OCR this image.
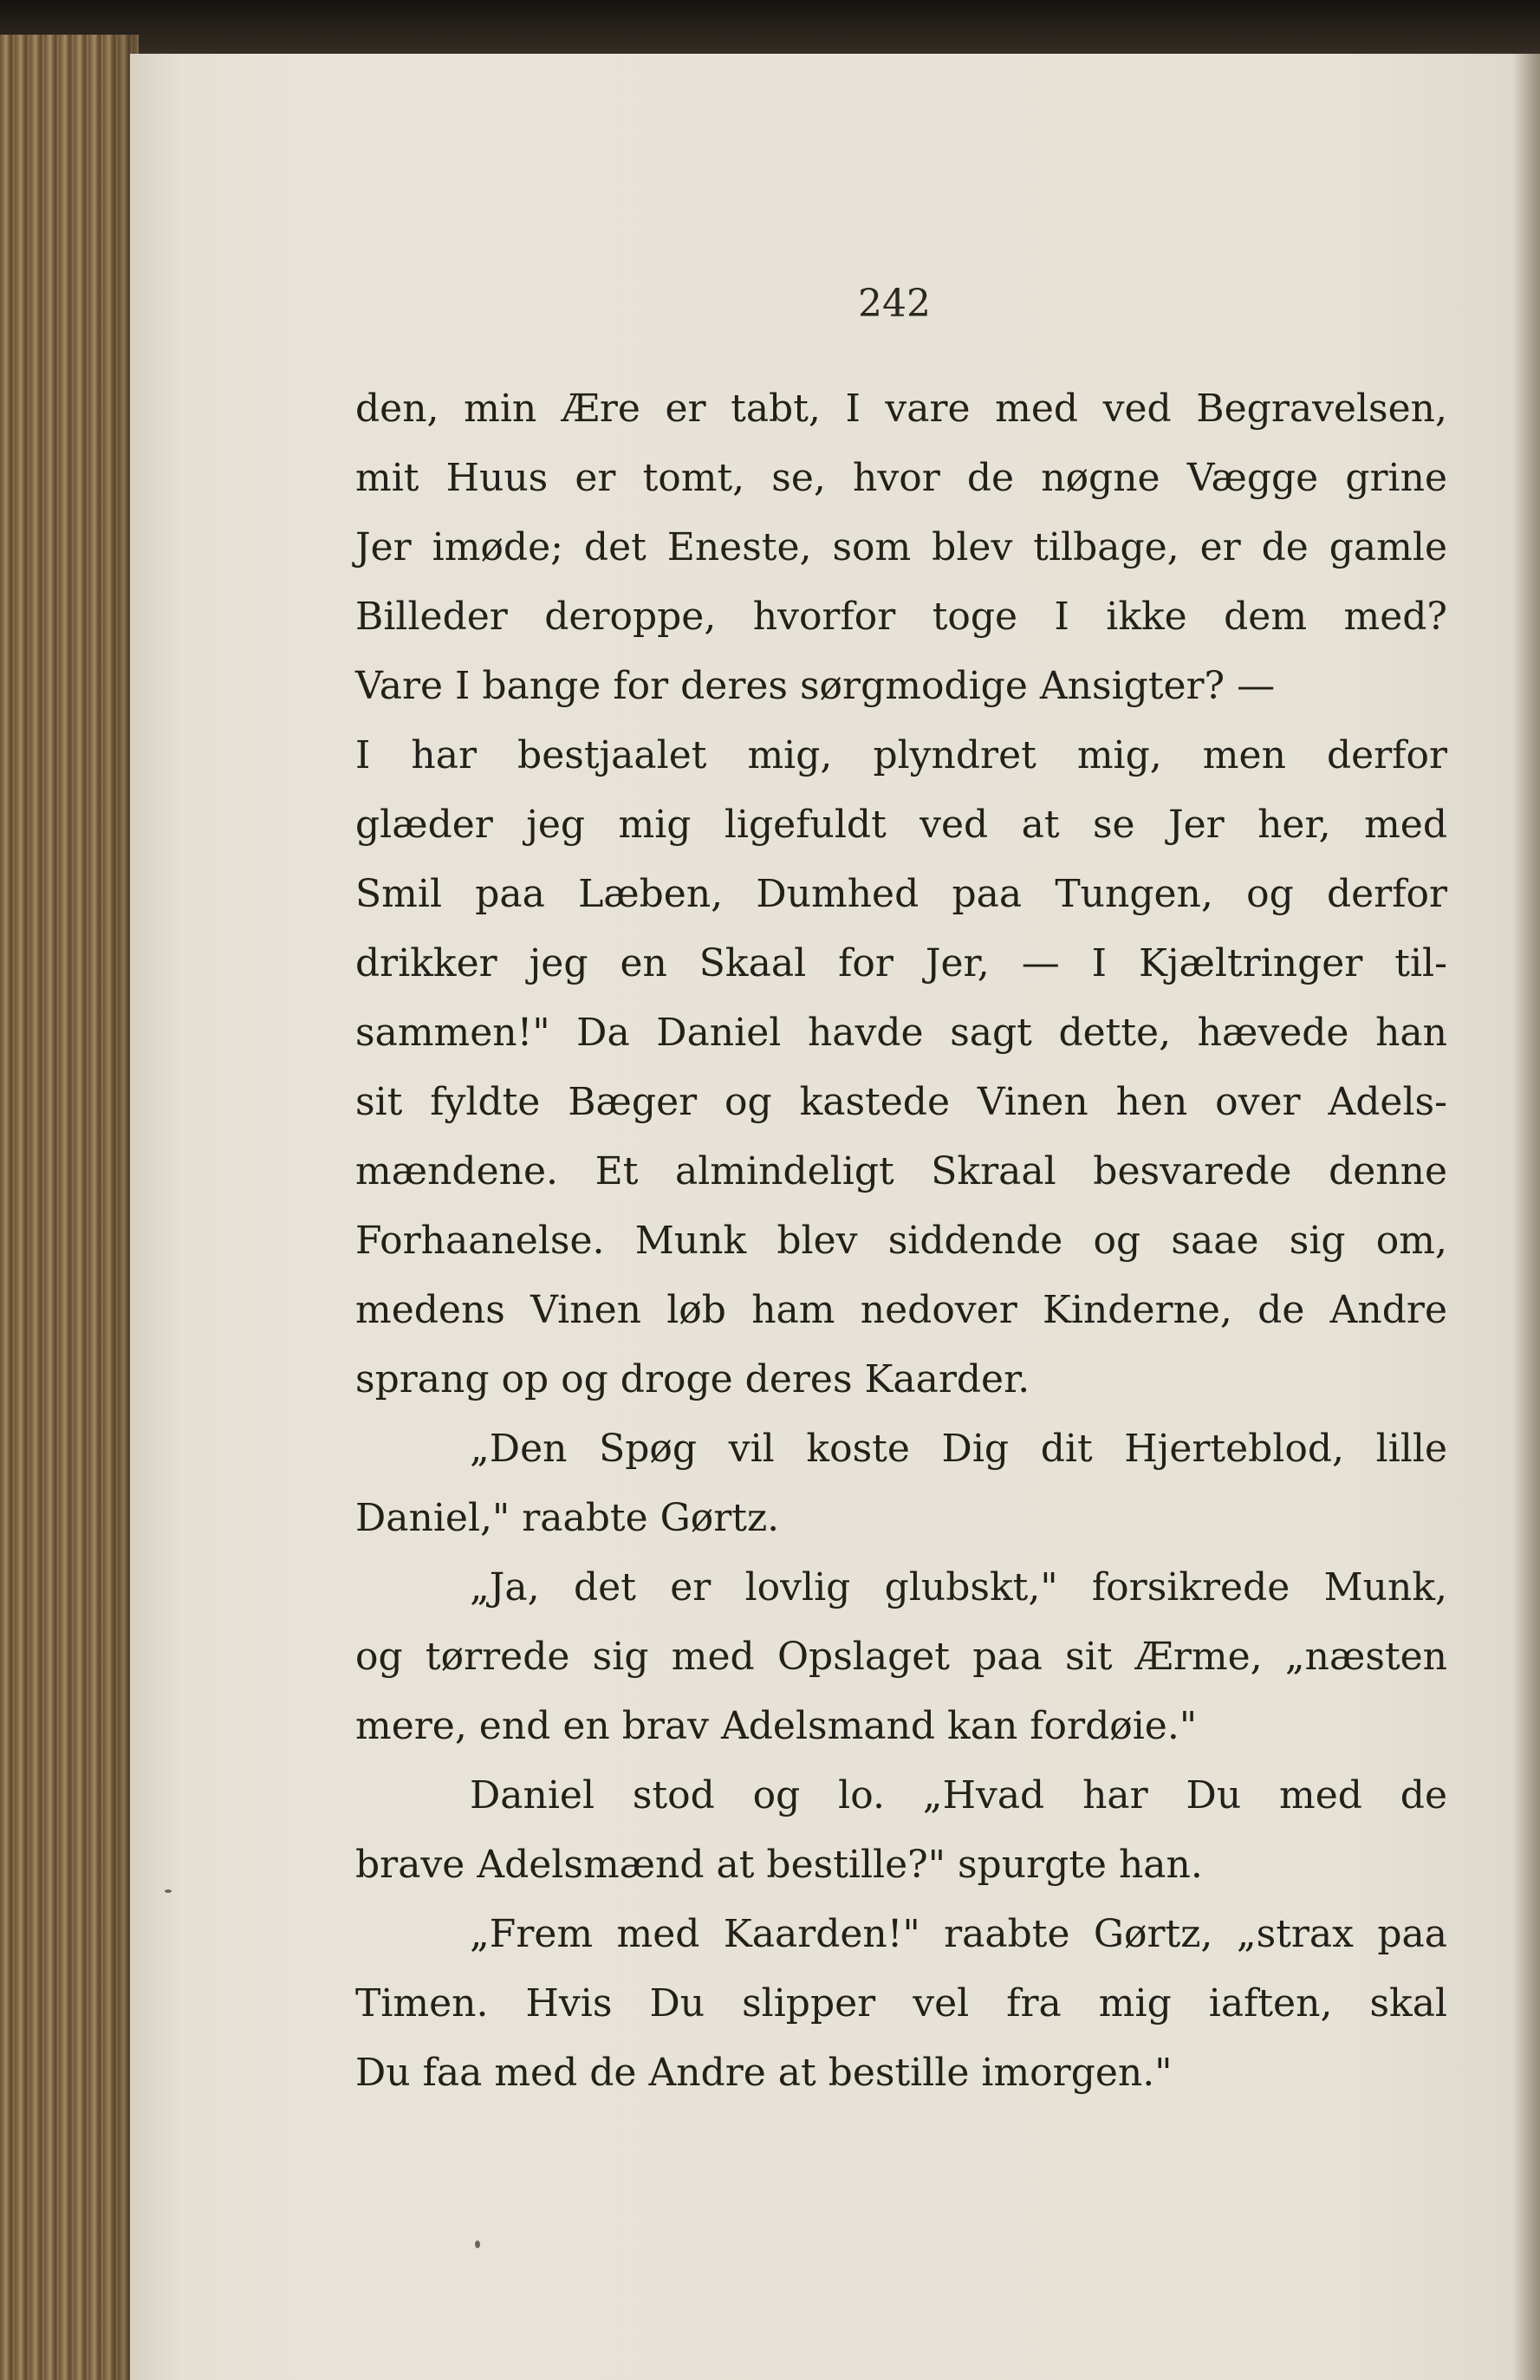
242
den, min Ære er tabt, I vare med ved Begravelsen,
mit Huus er tomt, se, hvor de nøgne Vægge grine
Jer imøde; det Eneste, som blev tilbage, er de gamle
Billeder deroppe, hvorfor toge I ikke dem med?
Vare I bange for deres sørgmodige Ansigter? —
I har bestjaalet mig, plyndret mig, men derfor
glæder jeg mig ligefuldt ved at se Jer her, med
Smil paa Læben, Dumhed paa Tungen, og derfor
drikker jeg en Skaal for Jer, — I Kjæltringer til-
sammen!" Da Daniel havde sagt dette, hævede han
sit fyldte Bæger og kastede Vinen hen over Adels-
mændene. Et almindeligt Skraal besvarede denne
Forhaanelse. Munk blev siddende og saae sig om,
medens Vinen løb ham nedover Kinderne, de Andre
sprang op og droge deres Kaarder.
„Den Spøg vil koste Dig dit Hjerteblod, lille
Daniel," raabte Gørtz.
„Ja, det er lovlig glubskt," forsikrede Munk,
og tørrede sig med Opslaget paa sit Ærme, „næsten
mere, end en brav Adelsmand kan fordøie."
Daniel stod og lo. „Hvad har Du med de
brave Adelsmænd at bestille?" spurgte han.
„Frem med Kaarden!" raabte Gørtz, „strax paa
Timen. Hvis Du slipper vel fra mig iaften, skal
Du faa med de Andre at bestille imorgen."
